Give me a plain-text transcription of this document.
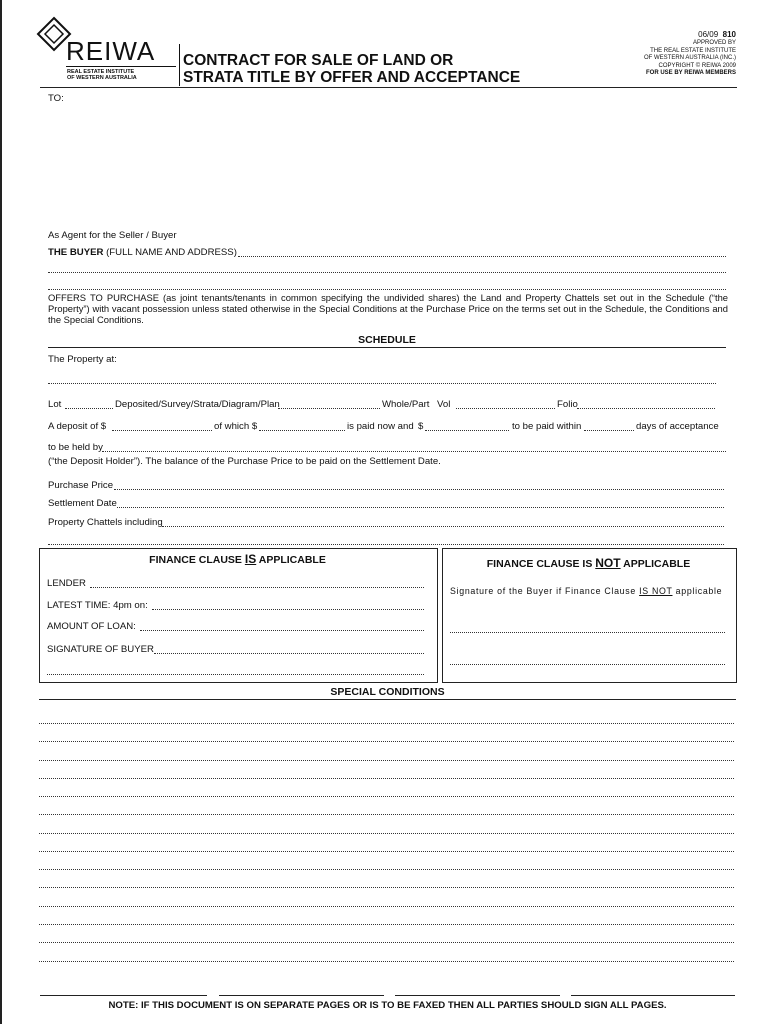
REIWA
REAL ESTATE INSTITUTE
OF WESTERN AUSTRALIA
CONTRACT FOR SALE OF LAND OR
STRATA TITLE BY OFFER AND ACCEPTANCE
06/09 810
APPROVED BY
THE REAL ESTATE INSTITUTE
OF WESTERN AUSTRALIA (INC.)
COPYRIGHT © REIWA 2009
FOR USE BY REIWA MEMBERS
TO:
As Agent for the Seller / Buyer
THE BUYER (FULL NAME AND ADDRESS)
OFFERS TO PURCHASE (as joint tenants/tenants in common specifying the undivided shares) the Land and Property Chattels set out in the Schedule (“the Property”) with vacant possession unless stated otherwise in the Special Conditions at the Purchase Price on the terms set out in the Schedule, the Conditions and the Special Conditions.
SCHEDULE
The Property at:
Lot	Deposited/Survey/Strata/Diagram/Plan	Whole/Part Vol	Folio
A deposit of $	of which $	is paid now and $	to be paid within	days of acceptance
to be held by
(“the Deposit Holder”). The balance of the Purchase Price to be paid on the Settlement Date.
Purchase Price
Settlement Date
Property Chattels including
FINANCE CLAUSE IS APPLICABLE
LENDER
LATEST TIME: 4pm on:
AMOUNT OF LOAN:
SIGNATURE OF BUYER
FINANCE CLAUSE IS NOT APPLICABLE
Signature of the Buyer if Finance Clause IS NOT applicable
SPECIAL CONDITIONS
NOTE: IF THIS DOCUMENT IS ON SEPARATE PAGES OR IS TO BE FAXED THEN ALL PARTIES SHOULD SIGN ALL PAGES.
